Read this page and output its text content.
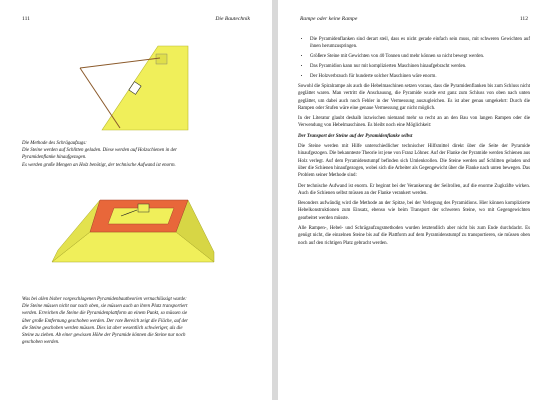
111	Die Bautechnik

Die Methode des Schrägaufzugs:

Die Steine werden auf Schlitten geladen. Diese werden auf Holzschienen in der

Pyramidenflanke hinaufgezogen.

Es werden große Mengen an Holz benötigt, der technische Aufwand ist enorm.

Was bei allen bisher vorgeschlagenen Pyramidenbautheorien vernachlässigt wurde:

Die Steine müssen nicht nur nach oben, sie müssen auch an ihren Platz transportiert

werden. Erreichen die Steine die Pyramidenplattform an einem Punkt, so müssen sie

über große Entfernung geschoben werden. Der rote Bereich zeigt die Fläche, auf der

die Steine geschoben werden müssen. Dies ist aber wesentlich schwieriger, als die

Steine zu ziehen. Ab einer gewissen Höhe der Pyramide können die Steine nur noch

geschoben werden.

Rampe oder keine Rampe	112
• Die Pyramidenflanken sind derart steil, dass es nicht gerade einfach sein muss, mit schweren Gewichten auf ihnen herumzuspringen.
• Größere Steine mit Gewichten von 40 Tonnen und mehr können so nicht bewegt werden.
• Das Pyramidion kann nur mit komplizierten Maschinen hinaufgebracht werden.
• Der Holzverbrauch für hunderte solcher Maschinen wäre enorm.

Sowohl die Spiralrampe als auch die Hebelmaschinen setzen voraus, dass die Pyramidenflanken bis zum Schluss nicht geglättet waren. Man vertritt die Anschauung, die Pyramide wurde erst ganz zum Schluss von oben nach unten geglättet, um dabei auch noch Fehler in der Vermessung auszugleichen. Es ist aber genau umgekehrt: Durch die Rampen oder Stufen wäre eine genaue Vermessung gar nicht möglich.

In der Literatur glaubt deshalb inzwischen niemand mehr so recht an an den Bau von langen Rampen oder die Verwendung von Hebelmaschinen. Es bleibt noch eine Möglichkeit:

Der Transport der Steine auf der Pyramidenflanke selbst

Die Steine werden mit Hilfe unterschiedlicher technischer Hilfsmittel direkt über die Seite der Pyramide hinaufgezogen. Die bekannteste Theorie ist jene von Franz Löhner. Auf der Flanke der Pyramide werden Schienen aus Holz verlegt. Auf dem Pyramidenstumpf befinden sich Umlenkrollen. Die Steine werden auf Schlitten geladen und über die Schienen hinaufgezogen, wobei sich die Arbeiter als Gegengewicht über die Flanke nach unten bewegen. Das Problem seiner Methode sind:

Der technische Aufwand ist enorm. Er beginnt bei der Verankerung der Seilrollen, auf die enorme Zugkräfte wirken. Auch die Schienen selbst müssen an der Flanke verankert werden.

Besonders aufwändig wird die Methode an der Spitze, bei der Verlegung des Pyramidions. Hier können komplizierte Hebelkonstruktionen zum Einsatz, ebenso wie beim Transport der schweren Steine, wo mit Gegengewichten gearbeitet werden müsste.

Alle Rampen-, Hebel- und Schrägaufzugsmethoden wurden letztendlich aber nicht bis zum Ende durchdacht. Es genügt nicht, die einzelnen Steine bis auf die Plattform auf dem Pyramidenstumpf zu transportieren, sie müssen oben noch auf den richtigen Platz gebracht werden.
